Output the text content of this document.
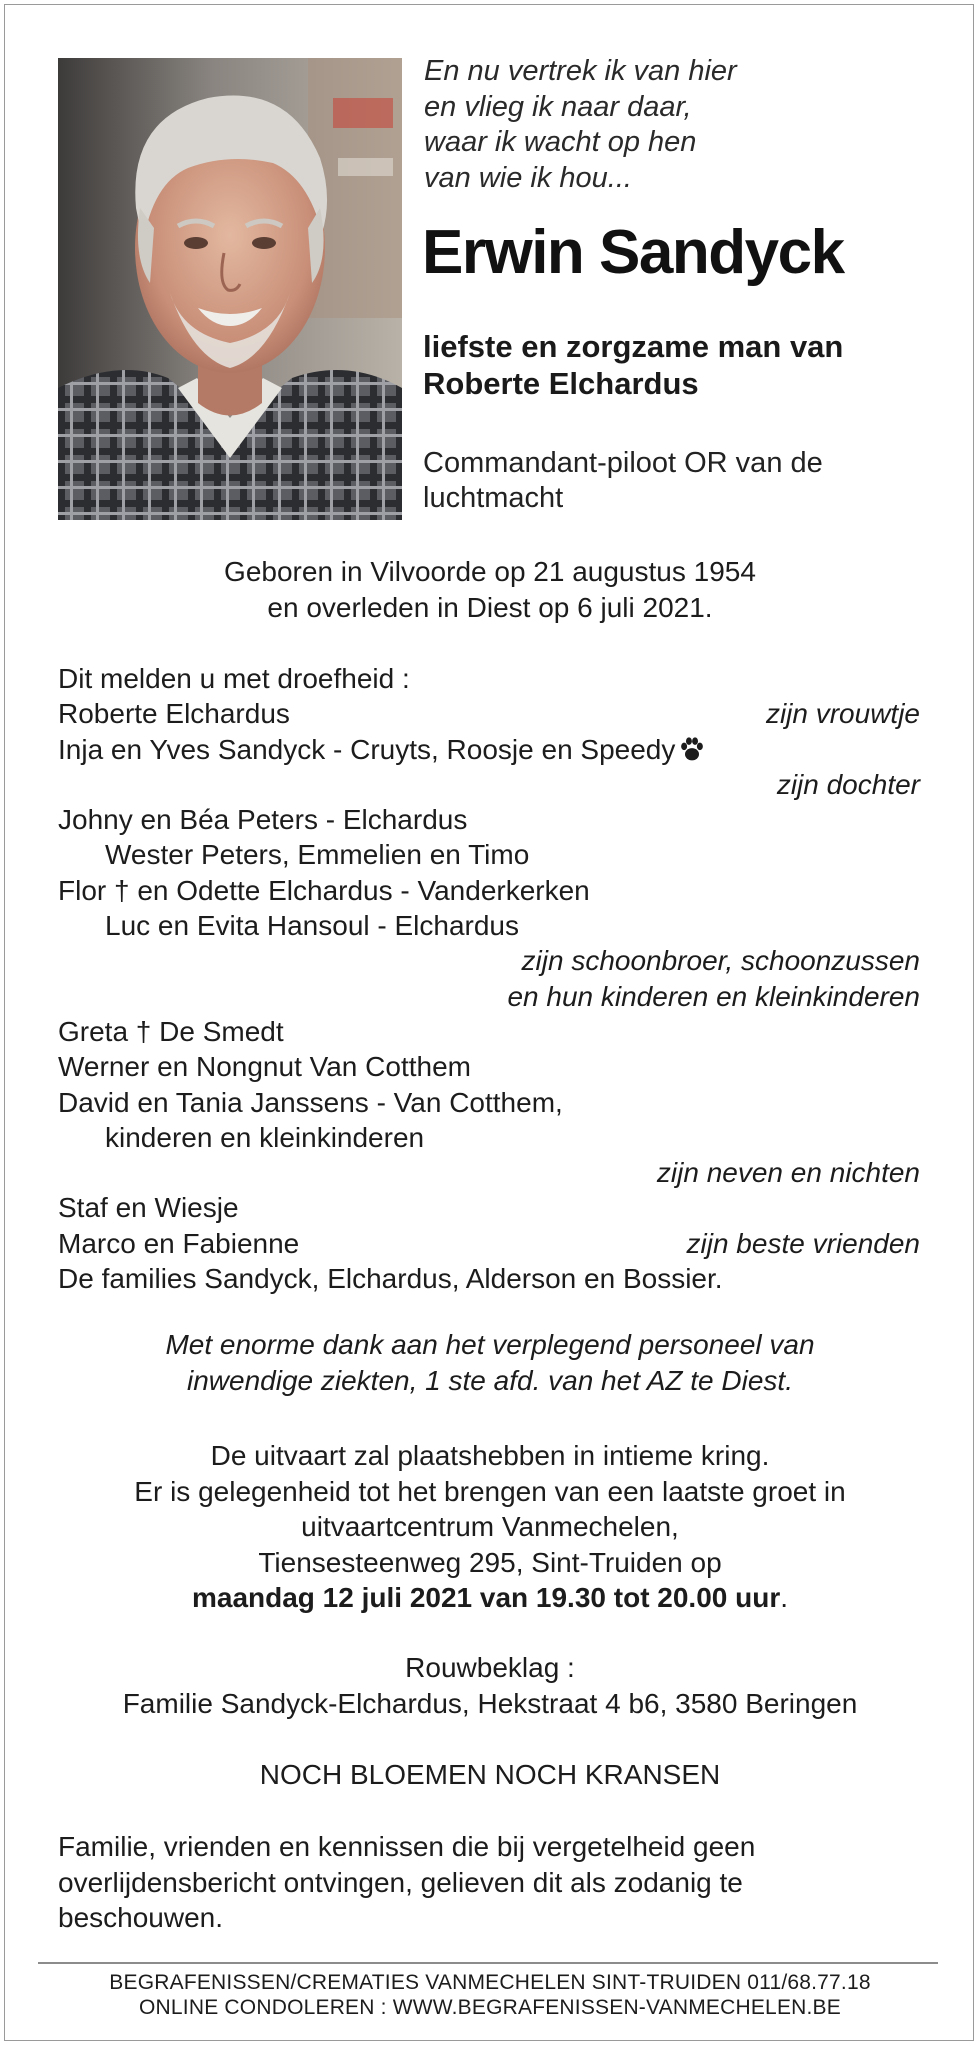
En nu vertrek ik van hier
en vlieg ik naar daar,
waar ik wacht op hen
van wie ik hou...
Erwin Sandyck
liefste en zorgzame man van
Roberte Elchardus
Commandant-piloot OR van de
luchtmacht
Geboren in Vilvoorde op 21 augustus 1954
en overleden in Diest op 6 juli 2021.
Dit melden u met droefheid :
Roberte Elchardus	zijn vrouwtje
Inja en Yves Sandyck - Cruyts, Roosje en Speedy
zijn dochter
Johny en Béa Peters - Elchardus
Wester Peters, Emmelien en Timo
Flor † en Odette Elchardus - Vanderkerken
Luc en Evita Hansoul - Elchardus
zijn schoonbroer, schoonzussen
en hun kinderen en kleinkinderen
Greta † De Smedt
Werner en Nongnut Van Cotthem
David en Tania Janssens - Van Cotthem,
kinderen en kleinkinderen
zijn neven en nichten
Staf en Wiesje
Marco en Fabienne	zijn beste vrienden
De families Sandyck, Elchardus, Alderson en Bossier.
Met enorme dank aan het verplegend personeel van
inwendige ziekten, 1 ste afd. van het AZ te Diest.
De uitvaart zal plaatshebben in intieme kring.
Er is gelegenheid tot het brengen van een laatste groet in
uitvaartcentrum Vanmechelen,
Tiensesteenweg 295, Sint-Truiden op
maandag 12 juli 2021 van 19.30 tot 20.00 uur.
Rouwbeklag :
Familie Sandyck-Elchardus, Hekstraat 4 b6, 3580 Beringen
NOCH BLOEMEN NOCH KRANSEN
Familie, vrienden en kennissen die bij vergetelheid geen
overlijdensbericht ontvingen, gelieven dit als zodanig te
beschouwen.
BEGRAFENISSEN/CREMATIES VANMECHELEN SINT-TRUIDEN 011/68.77.18
ONLINE CONDOLEREN : WWW.BEGRAFENISSEN-VANMECHELEN.BE
